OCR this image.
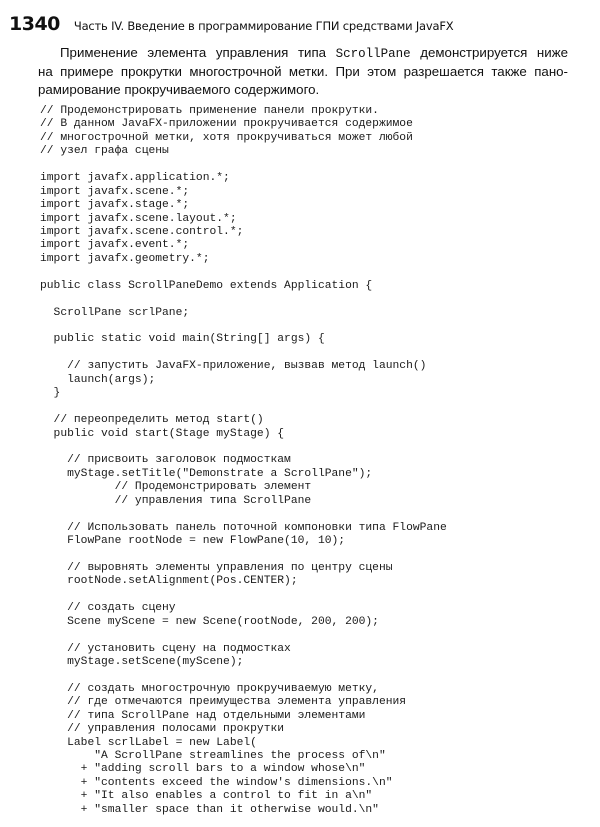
1340 Часть IV. Введение в программирование ГПИ средствами JavaFX

Применение элемента управления типа ScrollPane демонстрируется ниже
на примере прокрутки многострочной метки. При этом разрешается также пано-
рамирование прокручиваемого содержимого.

// Продемонстрировать применение панели прокрутки.
// В данном JavaFX-приложении прокручивается содержимое
// многострочной метки, хотя прокручиваться может любой
// узел графа сцены
import javafx.application.*;
import javafx.scene.*;
import javafx.stage.*;
import javafx.scene.layout.*;
import javafx.scene.control.*;
import javafx.event.*;
import javafx.geometry.*;
public class ScrollPaneDemo extends Application {
ScrollPane scrlPane;
public static void main(String[] args) {
// запустить JavaFX-приложение, вызвав метод launch()
launch(args);
}
// переопределить метод start()
public void start(Stage myStage) {
// присвоить заголовок подмосткам
myStage.setTitle("Demonstrate a ScrollPane");
// Продемонстрировать элемент
// управления типа ScrollPane
// Использовать панель поточной компоновки типа FlowPane
FlowPane rootNode = new FlowPane(10, 10);
// выровнять элементы управления по центру сцены
rootNode.setAlignment(Pos.CENTER);
// создать сцену
Scene myScene = new Scene(rootNode, 200, 200);
// установить сцену на подмостках
myStage.setScene(myScene);
// создать многострочную прокручиваемую метку,
// где отмечаются преимущества элемента управления
// типа ScrollPane над отдельными элементами
// управления полосами прокрутки
Label scrlLabel = new Label(
"A ScrollPane streamlines the process of\n"
+ "adding scroll bars to a window whose\n"
+ "contents exceed the window's dimensions.\n"
+ "It also enables a control to fit in a\n"
+ "smaller space than it otherwise would.\n"
